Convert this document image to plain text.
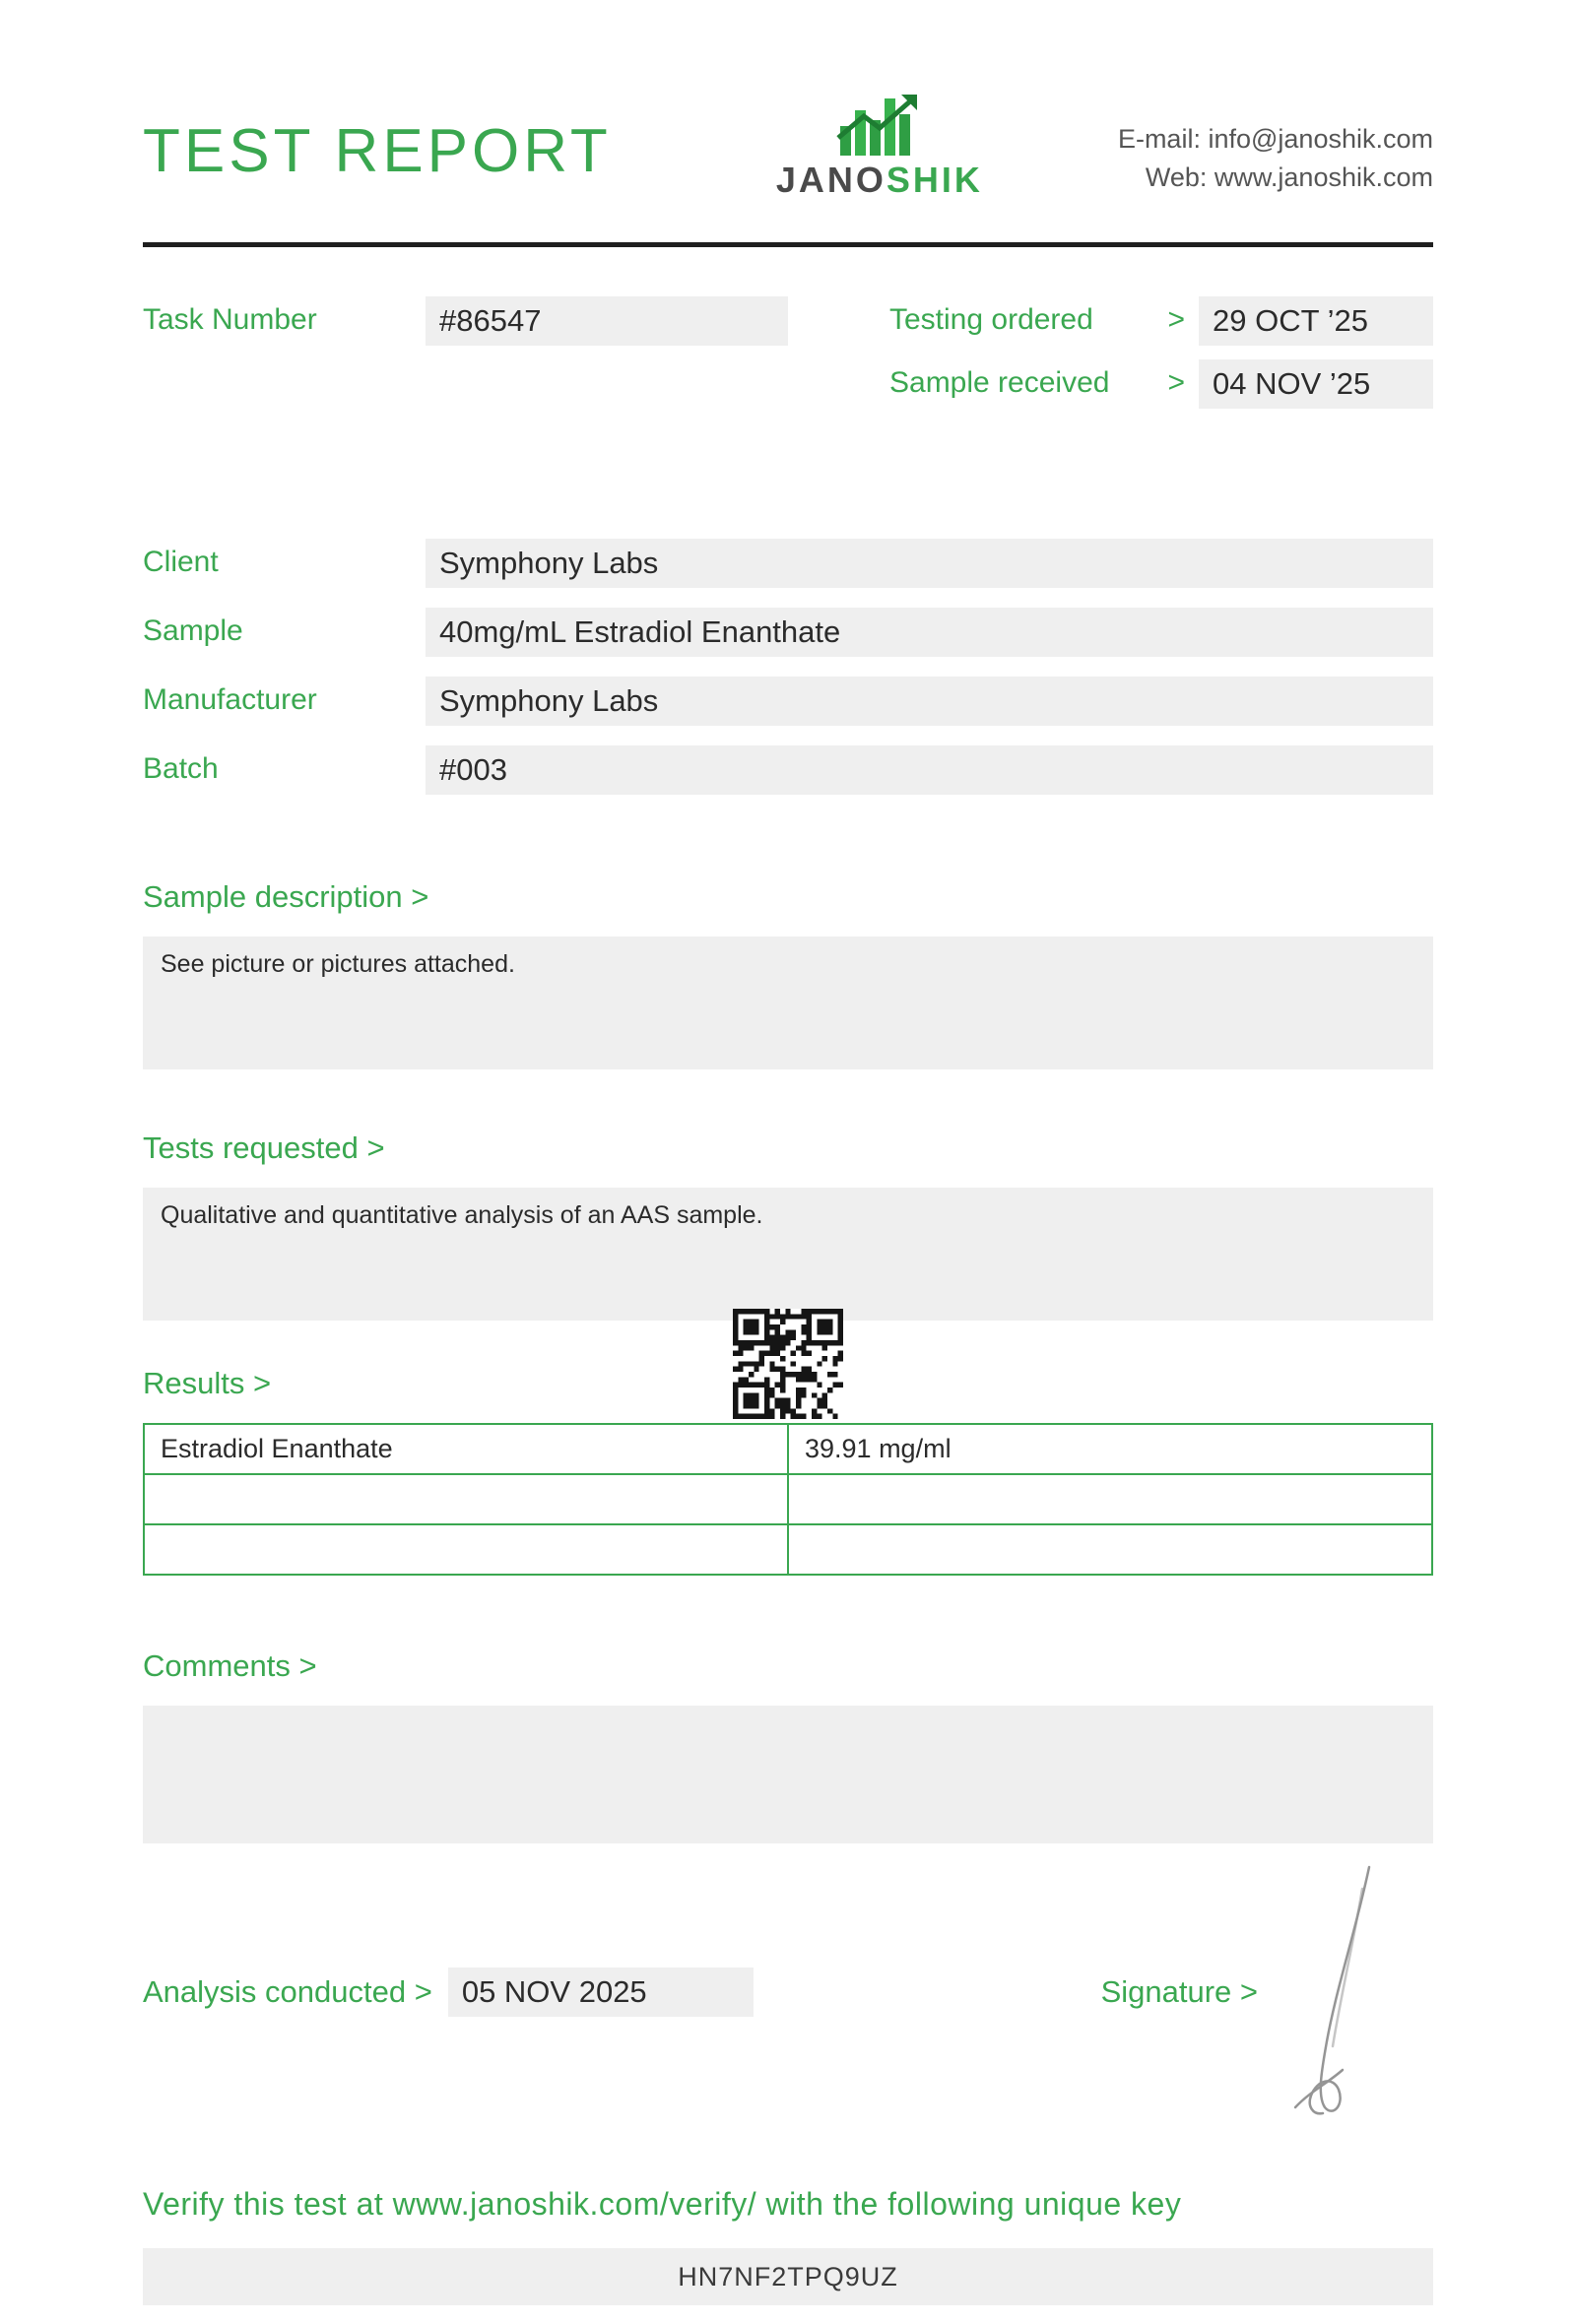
TEST REPORT	JANOSHIK
E-mail: info@janoshik.com
Web: www.janoshik.com
Task Number	#86547	Testing ordered	> 29 OCT ’25
Sample received > 04 NOV ’25
Client	Symphony Labs
Sample	40mg/mL Estradiol Enanthate
Manufacturer	Symphony Labs
Batch	#003
Sample description >
See picture or pictures attached.
Tests requested >
Qualitative and quantitative analysis of an AAS sample.
Results >
Estradiol Enanthate	39.91 mg/ml

Comments >
Analysis conducted > 05 NOV 2025	Signature >
Verify this test at www.janoshik.com/verify/ with the following unique key
HN7NF2TPQ9UZ
